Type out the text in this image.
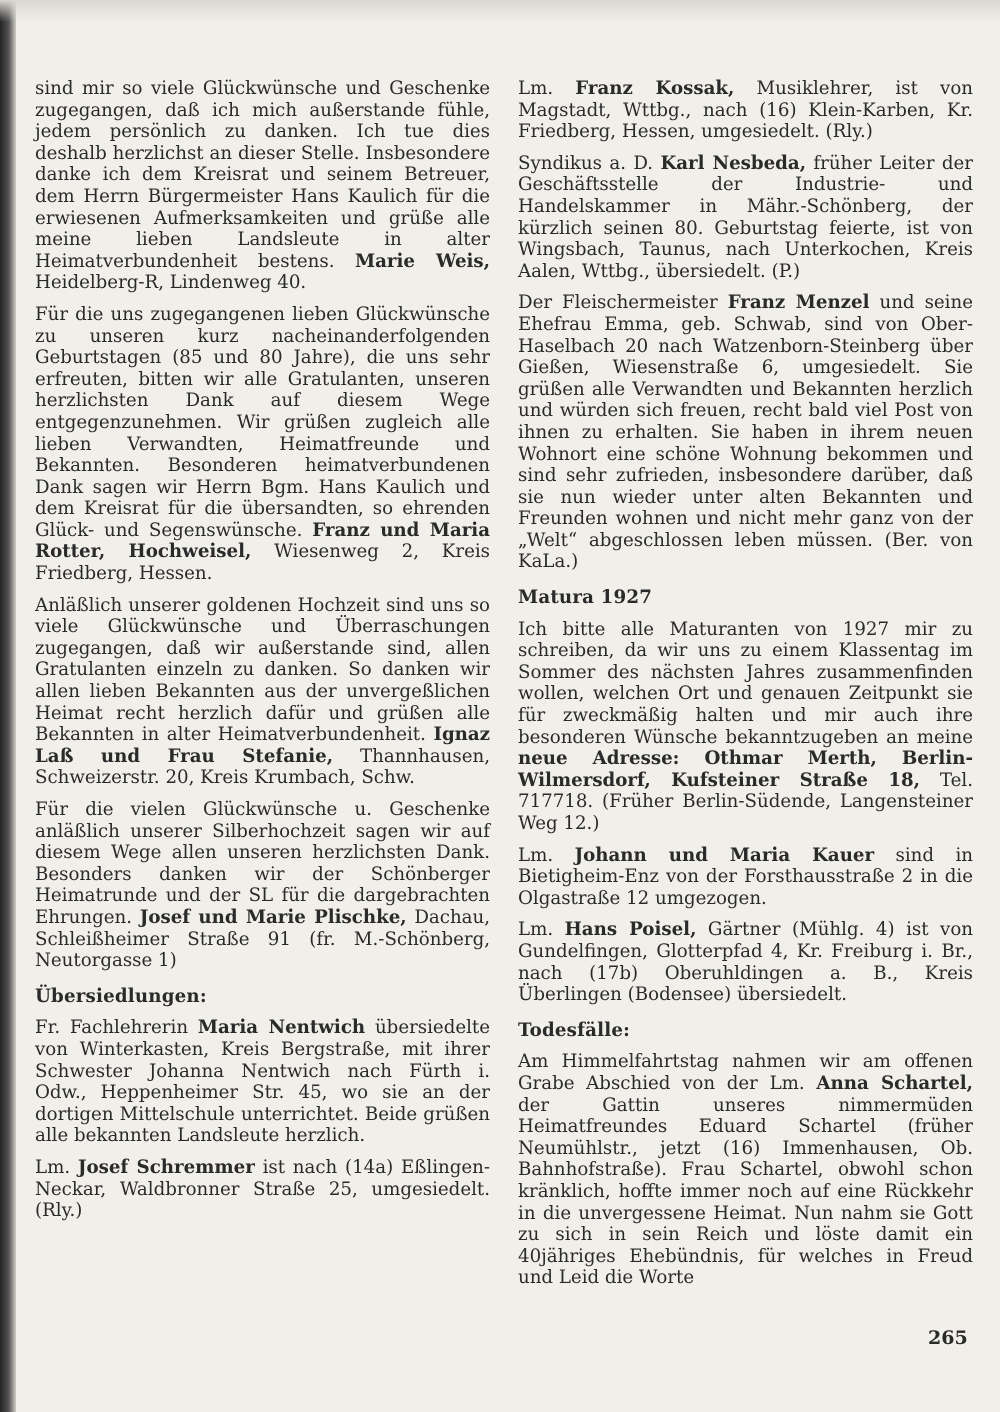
sind mir so viele Glückwünsche und Geschenke zugegangen, daß ich mich außerstande fühle, jedem persönlich zu danken. Ich tue dies deshalb herzlichst an dieser Stelle. Insbesondere danke ich dem Kreisrat und seinem Betreuer, dem Herrn Bürgermeister Hans Kaulich für die erwiesenen Aufmerksamkeiten und grüße alle meine lieben Landsleute in alter Heimatverbundenheit bestens. Marie Weis, Heidelberg-R, Lindenweg 40.

Für die uns zugegangenen lieben Glückwünsche zu unseren kurz nacheinanderfolgenden Geburtstagen (85 und 80 Jahre), die uns sehr erfreuten, bitten wir alle Gratulanten, unseren herzlichsten Dank auf diesem Wege entgegenzunehmen. Wir grüßen zugleich alle lieben Verwandten, Heimatfreunde und Bekannten. Besonderen heimatverbundenen Dank sagen wir Herrn Bgm. Hans Kaulich und dem Kreisrat für die übersandten, so ehrenden Glück- und Segenswünsche. Franz und Maria Rotter, Hochweisel, Wiesenweg 2, Kreis Friedberg, Hessen.

Anläßlich unserer goldenen Hochzeit sind uns so viele Glückwünsche und Überraschungen zugegangen, daß wir außerstande sind, allen Gratulanten einzeln zu danken. So danken wir allen lieben Bekannten aus der unvergeßlichen Heimat recht herzlich dafür und grüßen alle Bekannten in alter Heimatverbundenheit. Ignaz Laß und Frau Stefanie, Thannhausen, Schweizerstr. 20, Kreis Krumbach, Schw.

Für die vielen Glückwünsche u. Geschenke anläßlich unserer Silberhochzeit sagen wir auf diesem Wege allen unseren herzlichsten Dank. Besonders danken wir der Schönberger Heimatrunde und der SL für die dargebrachten Ehrungen. Josef und Marie Plischke, Dachau, Schleißheimer Straße 91 (fr. M.-Schönberg, Neutorgasse 1)

Übersiedlungen:

Fr. Fachlehrerin Maria Nentwich übersiedelte von Winterkasten, Kreis Bergstraße, mit ihrer Schwester Johanna Nentwich nach Fürth i. Odw., Heppenheimer Str. 45, wo sie an der dortigen Mittelschule unterrichtet. Beide grüßen alle bekannten Landsleute herzlich.

Lm. Josef Schremmer ist nach (14a) Eßlingen-Neckar, Waldbronner Straße 25, umgesiedelt. (Rly.)

Lm. Franz Kossak, Musiklehrer, ist von Magstadt, Wttbg., nach (16) Klein-Karben, Kr. Friedberg, Hessen, umgesiedelt. (Rly.)

Syndikus a. D. Karl Nesbeda, früher Leiter der Geschäftsstelle der Industrie- und Handelskammer in Mähr.-Schönberg, der kürzlich seinen 80. Geburtstag feierte, ist von Wingsbach, Taunus, nach Unterkochen, Kreis Aalen, Wttbg., übersiedelt. (P.)

Der Fleischermeister Franz Menzel und seine Ehefrau Emma, geb. Schwab, sind von Ober-Haselbach 20 nach Watzenborn-Steinberg über Gießen, Wiesenstraße 6, umgesiedelt. Sie grüßen alle Verwandten und Bekannten herzlich und würden sich freuen, recht bald viel Post von ihnen zu erhalten. Sie haben in ihrem neuen Wohnort eine schöne Wohnung bekommen und sind sehr zufrieden, insbesondere darüber, daß sie nun wieder unter alten Bekannten und Freunden wohnen und nicht mehr ganz von der „Welt“ abgeschlossen leben müssen. (Ber. von KaLa.)

Matura 1927

Ich bitte alle Maturanten von 1927 mir zu schreiben, da wir uns zu einem Klassentag im Sommer des nächsten Jahres zusammenfinden wollen, welchen Ort und genauen Zeitpunkt sie für zweckmäßig halten und mir auch ihre besonderen Wünsche bekanntzugeben an meine neue Adresse: Othmar Merth, Berlin-Wilmersdorf, Kufsteiner Straße 18, Tel. 717718. (Früher Berlin-Südende, Langensteiner Weg 12.)

Lm. Johann und Maria Kauer sind in Bietigheim-Enz von der Forsthausstraße 2 in die Olgastraße 12 umgezogen.

Lm. Hans Poisel, Gärtner (Mühlg. 4) ist von Gundelfingen, Glotterpfad 4, Kr. Freiburg i. Br., nach (17b) Oberuhldingen a. B., Kreis Überlingen (Bodensee) übersiedelt.

Todesfälle:

Am Himmelfahrtstag nahmen wir am offenen Grabe Abschied von der Lm. Anna Schartel, der Gattin unseres nimmermüden Heimatfreundes Eduard Schartel (früher Neumühlstr., jetzt (16) Immenhausen, Ob. Bahnhofstraße). Frau Schartel, obwohl schon kränklich, hoffte immer noch auf eine Rückkehr in die unvergessene Heimat. Nun nahm sie Gott zu sich in sein Reich und löste damit ein 40jähriges Ehebündnis, für welches in Freud und Leid die Worte

265
